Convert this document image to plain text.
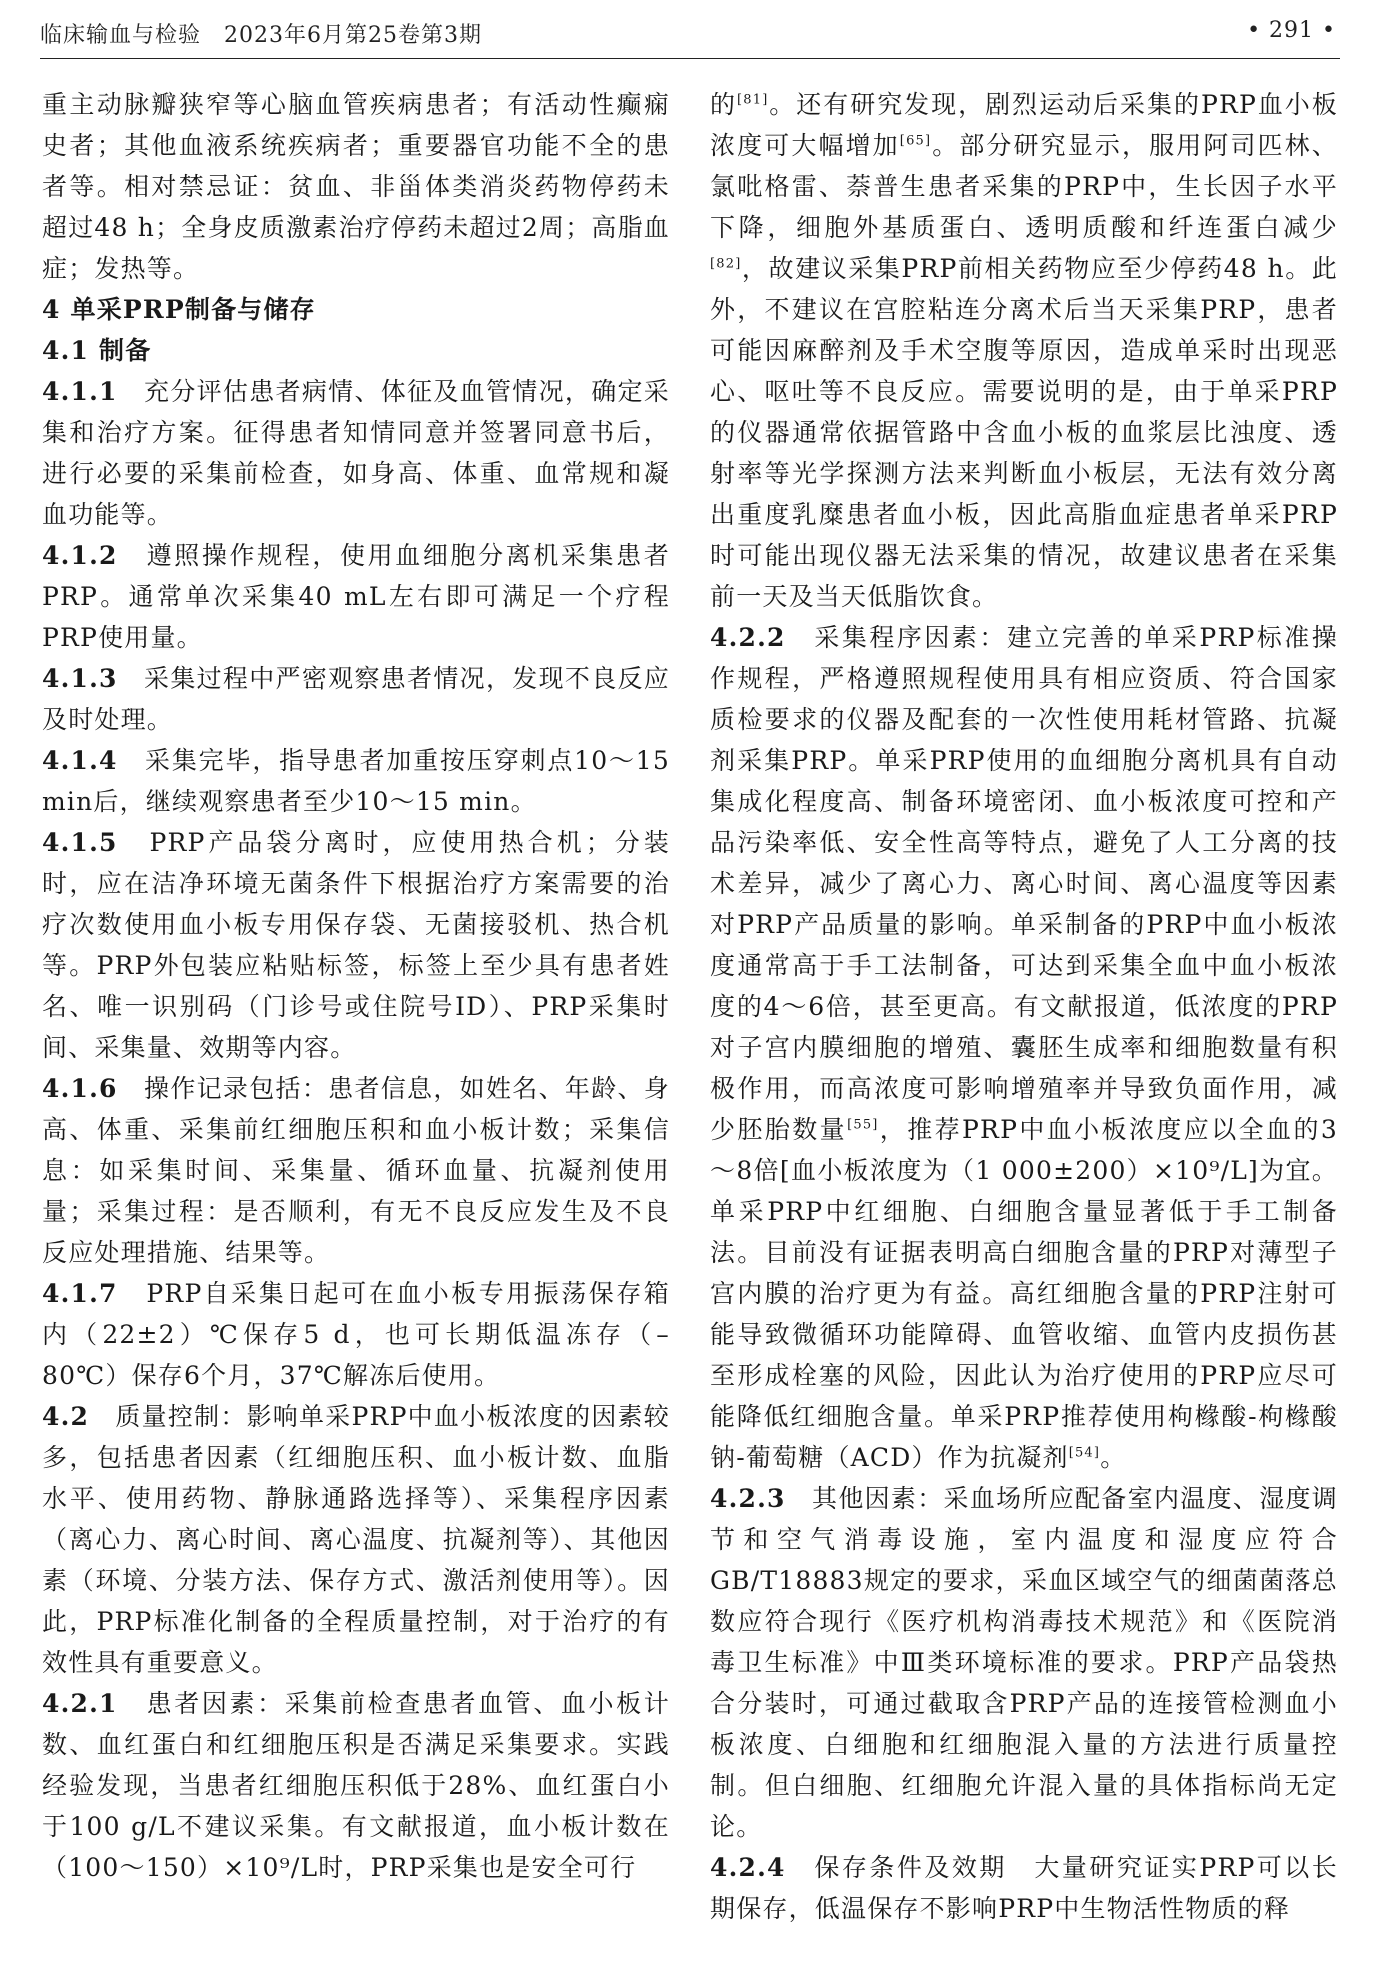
临床输血与检验　2023年6月第25卷第3期	• 291 •

重主动脉瓣狭窄等心脑血管疾病患者；有活动性癫痫史者；其他血液系统疾病者；重要器官功能不全的患者等。相对禁忌证：贫血、非甾体类消炎药物停药未超过48 h；全身皮质激素治疗停药未超过2周；高脂血症；发热等。

4 单采PRP制备与储存

4.1 制备

4.1.1　 充分评估患者病情、体征及血管情况，确定采集和治疗方案。征得患者知情同意并签署同意书后，进行必要的采集前检查，如身高、体重、血常规和凝血功能等。

4.1.2　 遵照操作规程，使用血细胞分离机采集患者PRP。通常单次采集40 mL左右即可满足一个疗程PRP使用量。

4.1.3　 采集过程中严密观察患者情况，发现不良反应及时处理。

4.1.4　 采集完毕，指导患者加重按压穿刺点10～15 min后，继续观察患者至少10～15 min。

4.1.5　 PRP产品袋分离时，应使用热合机；分装时，应在洁净环境无菌条件下根据治疗方案需要的治疗次数使用血小板专用保存袋、无菌接驳机、热合机等。PRP外包装应粘贴标签，标签上至少具有患者姓名、唯一识别码（门诊号或住院号ID）、PRP采集时间、采集量、效期等内容。

4.1.6　 操作记录包括：患者信息，如姓名、年龄、身高、体重、采集前红细胞压积和血小板计数；采集信息：如采集时间、采集量、循环血量、抗凝剂使用量；采集过程：是否顺利，有无不良反应发生及不良反应处理措施、结果等。

4.1.7　 PRP自采集日起可在血小板专用振荡保存箱内（22±2）℃保存5 d，也可长期低温冻存（–80℃）保存6个月，37℃解冻后使用。

4.2　 质量控制：影响单采PRP中血小板浓度的因素较多，包括患者因素（红细胞压积、血小板计数、血脂水平、使用药物、静脉通路选择等）、采集程序因素（离心力、离心时间、离心温度、抗凝剂等）、其他因素（环境、分装方法、保存方式、激活剂使用等）。因此，PRP标准化制备的全程质量控制，对于治疗的有效性具有重要意义。

4.2.1　 患者因素：采集前检查患者血管、血小板计数、血红蛋白和红细胞压积是否满足采集要求。实践经验发现，当患者红细胞压积低于28%、血红蛋白小于100 g/L不建议采集。有文献报道，血小板计数在（100～150）×10⁹/L时，PRP采集也是安全可行

的[81]。还有研究发现，剧烈运动后采集的PRP血小板浓度可大幅增加[65]。部分研究显示，服用阿司匹林、氯吡格雷、萘普生患者采集的PRP中，生长因子水平下降，细胞外基质蛋白、透明质酸和纤连蛋白减少[82]，故建议采集PRP前相关药物应至少停药48 h。此外，不建议在宫腔粘连分离术后当天采集PRP，患者可能因麻醉剂及手术空腹等原因，造成单采时出现恶心、呕吐等不良反应。需要说明的是，由于单采PRP的仪器通常依据管路中含血小板的血浆层比浊度、透射率等光学探测方法来判断血小板层，无法有效分离出重度乳糜患者血小板，因此高脂血症患者单采PRP时可能出现仪器无法采集的情况，故建议患者在采集前一天及当天低脂饮食。

4.2.2　 采集程序因素：建立完善的单采PRP标准操作规程，严格遵照规程使用具有相应资质、符合国家质检要求的仪器及配套的一次性使用耗材管路、抗凝剂采集PRP。单采PRP使用的血细胞分离机具有自动集成化程度高、制备环境密闭、血小板浓度可控和产品污染率低、安全性高等特点，避免了人工分离的技术差异，减少了离心力、离心时间、离心温度等因素对PRP产品质量的影响。单采制备的PRP中血小板浓度通常高于手工法制备，可达到采集全血中血小板浓度的4～6倍，甚至更高。有文献报道，低浓度的PRP对子宫内膜细胞的增殖、囊胚生成率和细胞数量有积极作用，而高浓度可影响增殖率并导致负面作用，减少胚胎数量[55]，推荐PRP中血小板浓度应以全血的3～8倍[血小板浓度为（1 000±200）×10⁹/L]为宜。单采PRP中红细胞、白细胞含量显著低于手工制备法。目前没有证据表明高白细胞含量的PRP对薄型子宫内膜的治疗更为有益。高红细胞含量的PRP注射可能导致微循环功能障碍、血管收缩、血管内皮损伤甚至形成栓塞的风险，因此认为治疗使用的PRP应尽可能降低红细胞含量。单采PRP推荐使用枸橼酸-枸橼酸钠-葡萄糖（ACD）作为抗凝剂[54]。

4.2.3　 其他因素：采血场所应配备室内温度、湿度调节和空气消毒设施，室内温度和湿度应符合GB/T18883规定的要求，采血区域空气的细菌菌落总数应符合现行《医疗机构消毒技术规范》和《医院消毒卫生标准》中Ⅲ类环境标准的要求。PRP产品袋热合分装时，可通过截取含PRP产品的连接管检测血小板浓度、白细胞和红细胞混入量的方法进行质量控制。但白细胞、红细胞允许混入量的具体指标尚无定论。

4.2.4　 保存条件及效期　大量研究证实PRP可以长期保存，低温保存不影响PRP中生物活性物质的释
